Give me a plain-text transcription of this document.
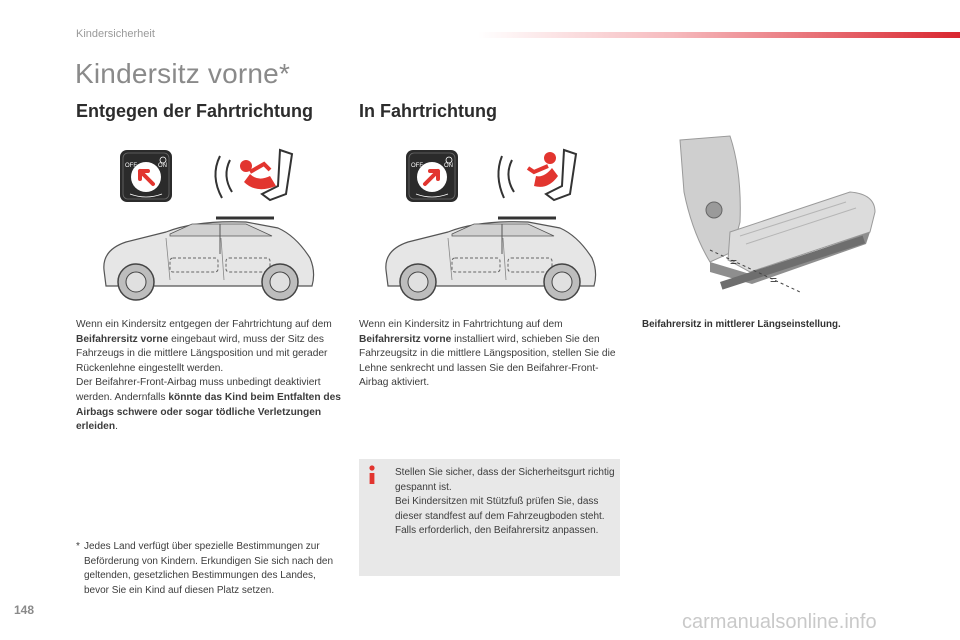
Kindersicherheit
Kindersitz vorne*
Entgegen der Fahrtrichtung	In Fahrtrichtung
OFF	ON	OFF	ON
=
=
Wenn ein Kindersitz entgegen der Fahrtrichtung auf dem Beifahrersitz vorne eingebaut wird, muss der Sitz des Fahrzeugs in die mittlere Längsposition und mit gerader Rückenlehne eingestellt werden.
Der Beifahrer-Front-Airbag muss unbedingt deaktiviert werden. Andernfalls könnte das Kind beim Entfalten des Airbags schwere oder sogar tödliche Verletzungen erleiden.
Wenn ein Kindersitz in Fahrtrichtung auf dem Beifahrersitz vorne installiert wird, schieben Sie den Fahrzeugsitz in die mittlere Längsposition, stellen Sie die Lehne senkrecht und lassen Sie den Beifahrer-Front-Airbag aktiviert.
Beifahrersitz in mittlerer Längseinstellung.
Stellen Sie sicher, dass der Sicherheitsgurt richtig gespannt ist.
Bei Kindersitzen mit Stützfuß prüfen Sie, dass dieser standfest auf dem Fahrzeugboden steht. Falls erforderlich, den Beifahrersitz anpassen.
* Jedes Land verfügt über spezielle Bestimmungen zur Beförderung von Kindern. Erkundigen Sie sich nach den geltenden, gesetzlichen Bestimmungen des Landes, bevor Sie ein Kind auf diesen Platz setzen.
148
carmanualsonline.info
